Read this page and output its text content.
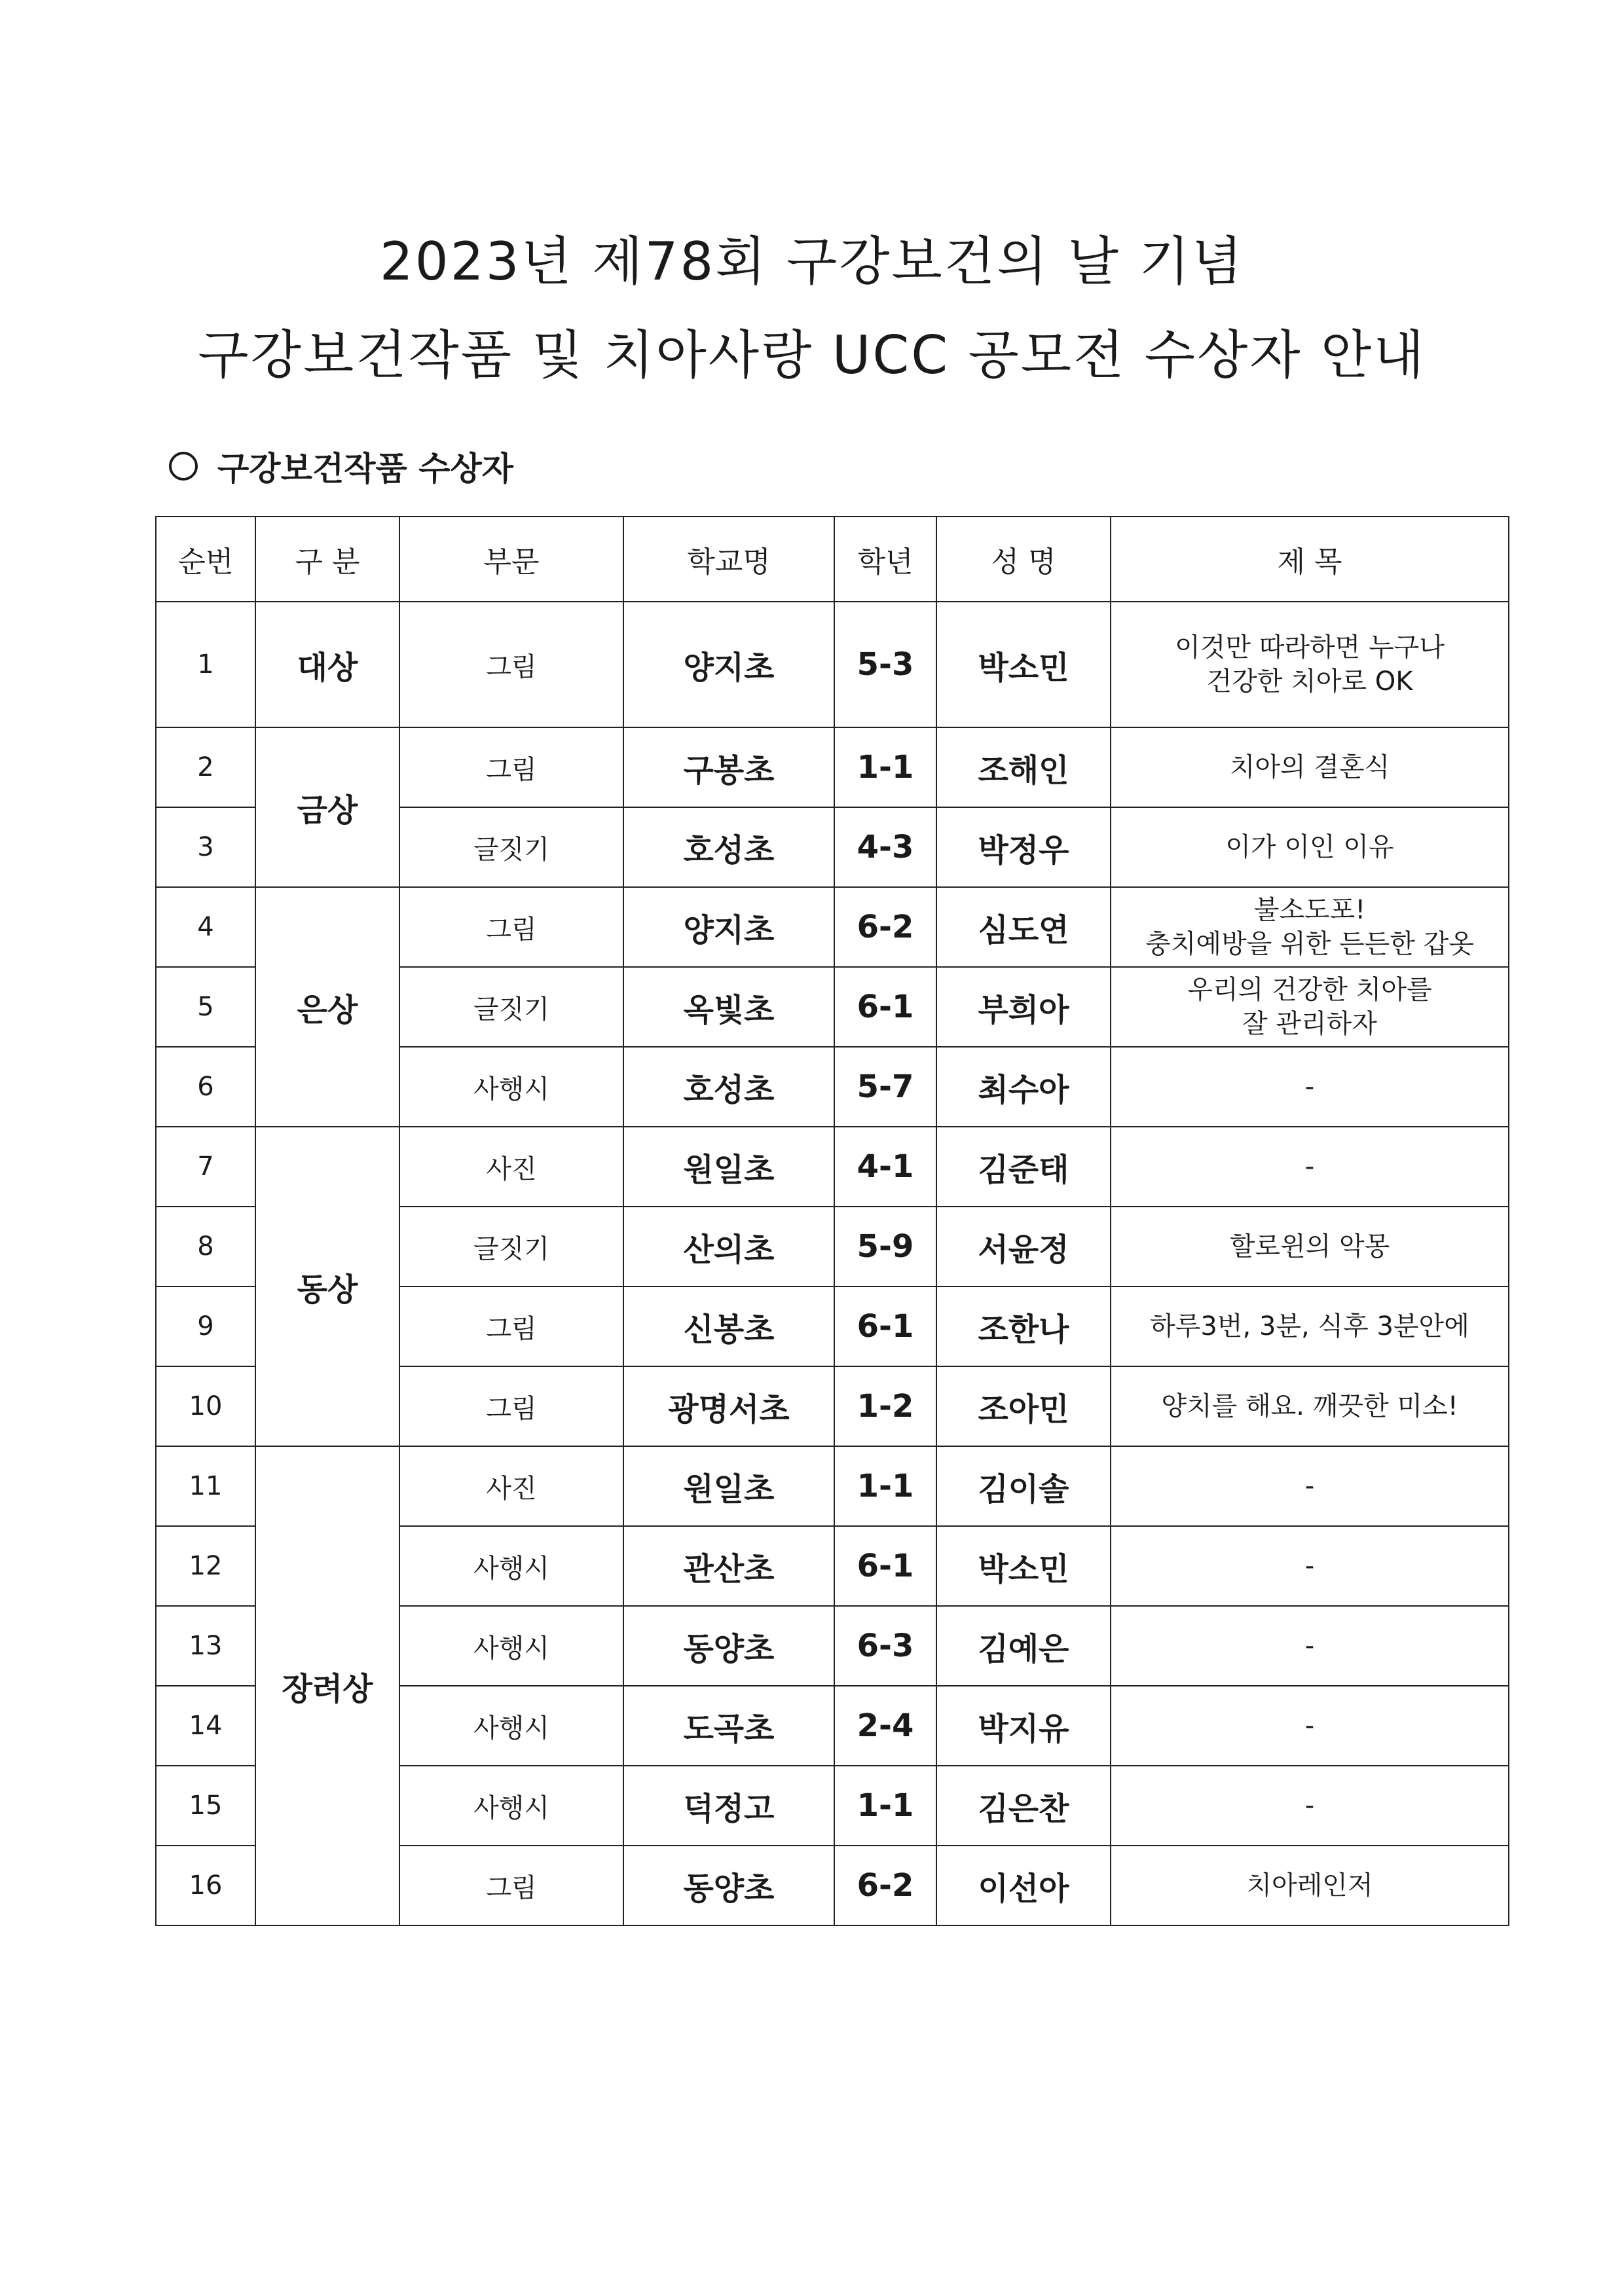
2023년 제78회 구강보건의 날 기념
구강보건작품 및 치아사랑 UCC 공모전 수상자 안내
구강보건작품 수상자
순번	구 분	부문	학교명	학년	성 명	제 목
1	대상	그림	양지초	5-3	박소민	이것만 따라하면 누구나
건강한 치아로 OK
2	금상	그림	구봉초	1-1	조해인	치아의 결혼식
3		글짓기	호성초	4-3	박정우	이가 이인 이유
4	은상	그림	양지초	6-2	심도연	불소도포!
충치예방을 위한 든든한 갑옷
5		글짓기	옥빛초	6-1	부희아	우리의 건강한 치아를
잘 관리하자
6		사행시	호성초	5-7	최수아	-
7	동상	사진	원일초	4-1	김준태	-
8		글짓기	산의초	5-9	서윤정	할로윈의 악몽
9		그림	신봉초	6-1	조한나	하루3번, 3분, 식후 3분안에
10		그림	광명서초	1-2	조아민	양치를 해요. 깨끗한 미소!
11	장려상	사진	원일초	1-1	김이솔	-
12		사행시	관산초	6-1	박소민	-
13		사행시	동양초	6-3	김예은	-
14		사행시	도곡초	2-4	박지유	-
15		사행시	덕정고	1-1	김은찬	-
16		그림	동양초	6-2	이선아	치아레인저
